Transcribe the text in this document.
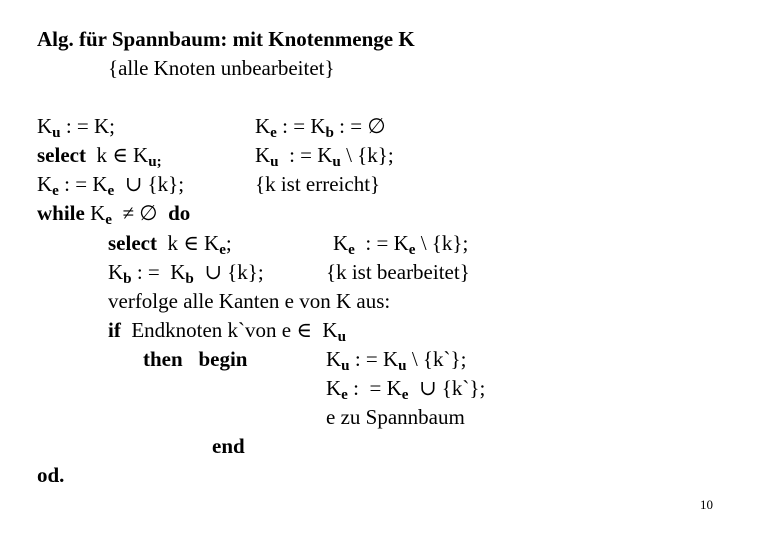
Alg. für Spannbaum: mit Knotenmenge K
{alle Knoten unbearbeitet}
$K_u$ : = K;	$K_e$ : = $K_b$ : = ∅
select  k ∈ $K_{u;}$	$K_u$  : = $K_u$ \ {k};
$K_e$ : = $K_e$  ∪ {k};	{k ist erreicht}
while $K_e$  ≠ ∅  do
select  k ∈ $K_e$;	$K_e$  : = $K_e$ \ {k};
$K_b$ : =  $K_b$  ∪ {k};	{k ist bearbeitet}
verfolge alle Kanten e von K aus:
if  Endknoten k`von e ∈  $K_u$
then begin	$K_u$ : = $K_u$ \ {k`};
$K_e$ :  = $K_e$  ∪ {k`};
e zu Spannbaum
end
od.
10
